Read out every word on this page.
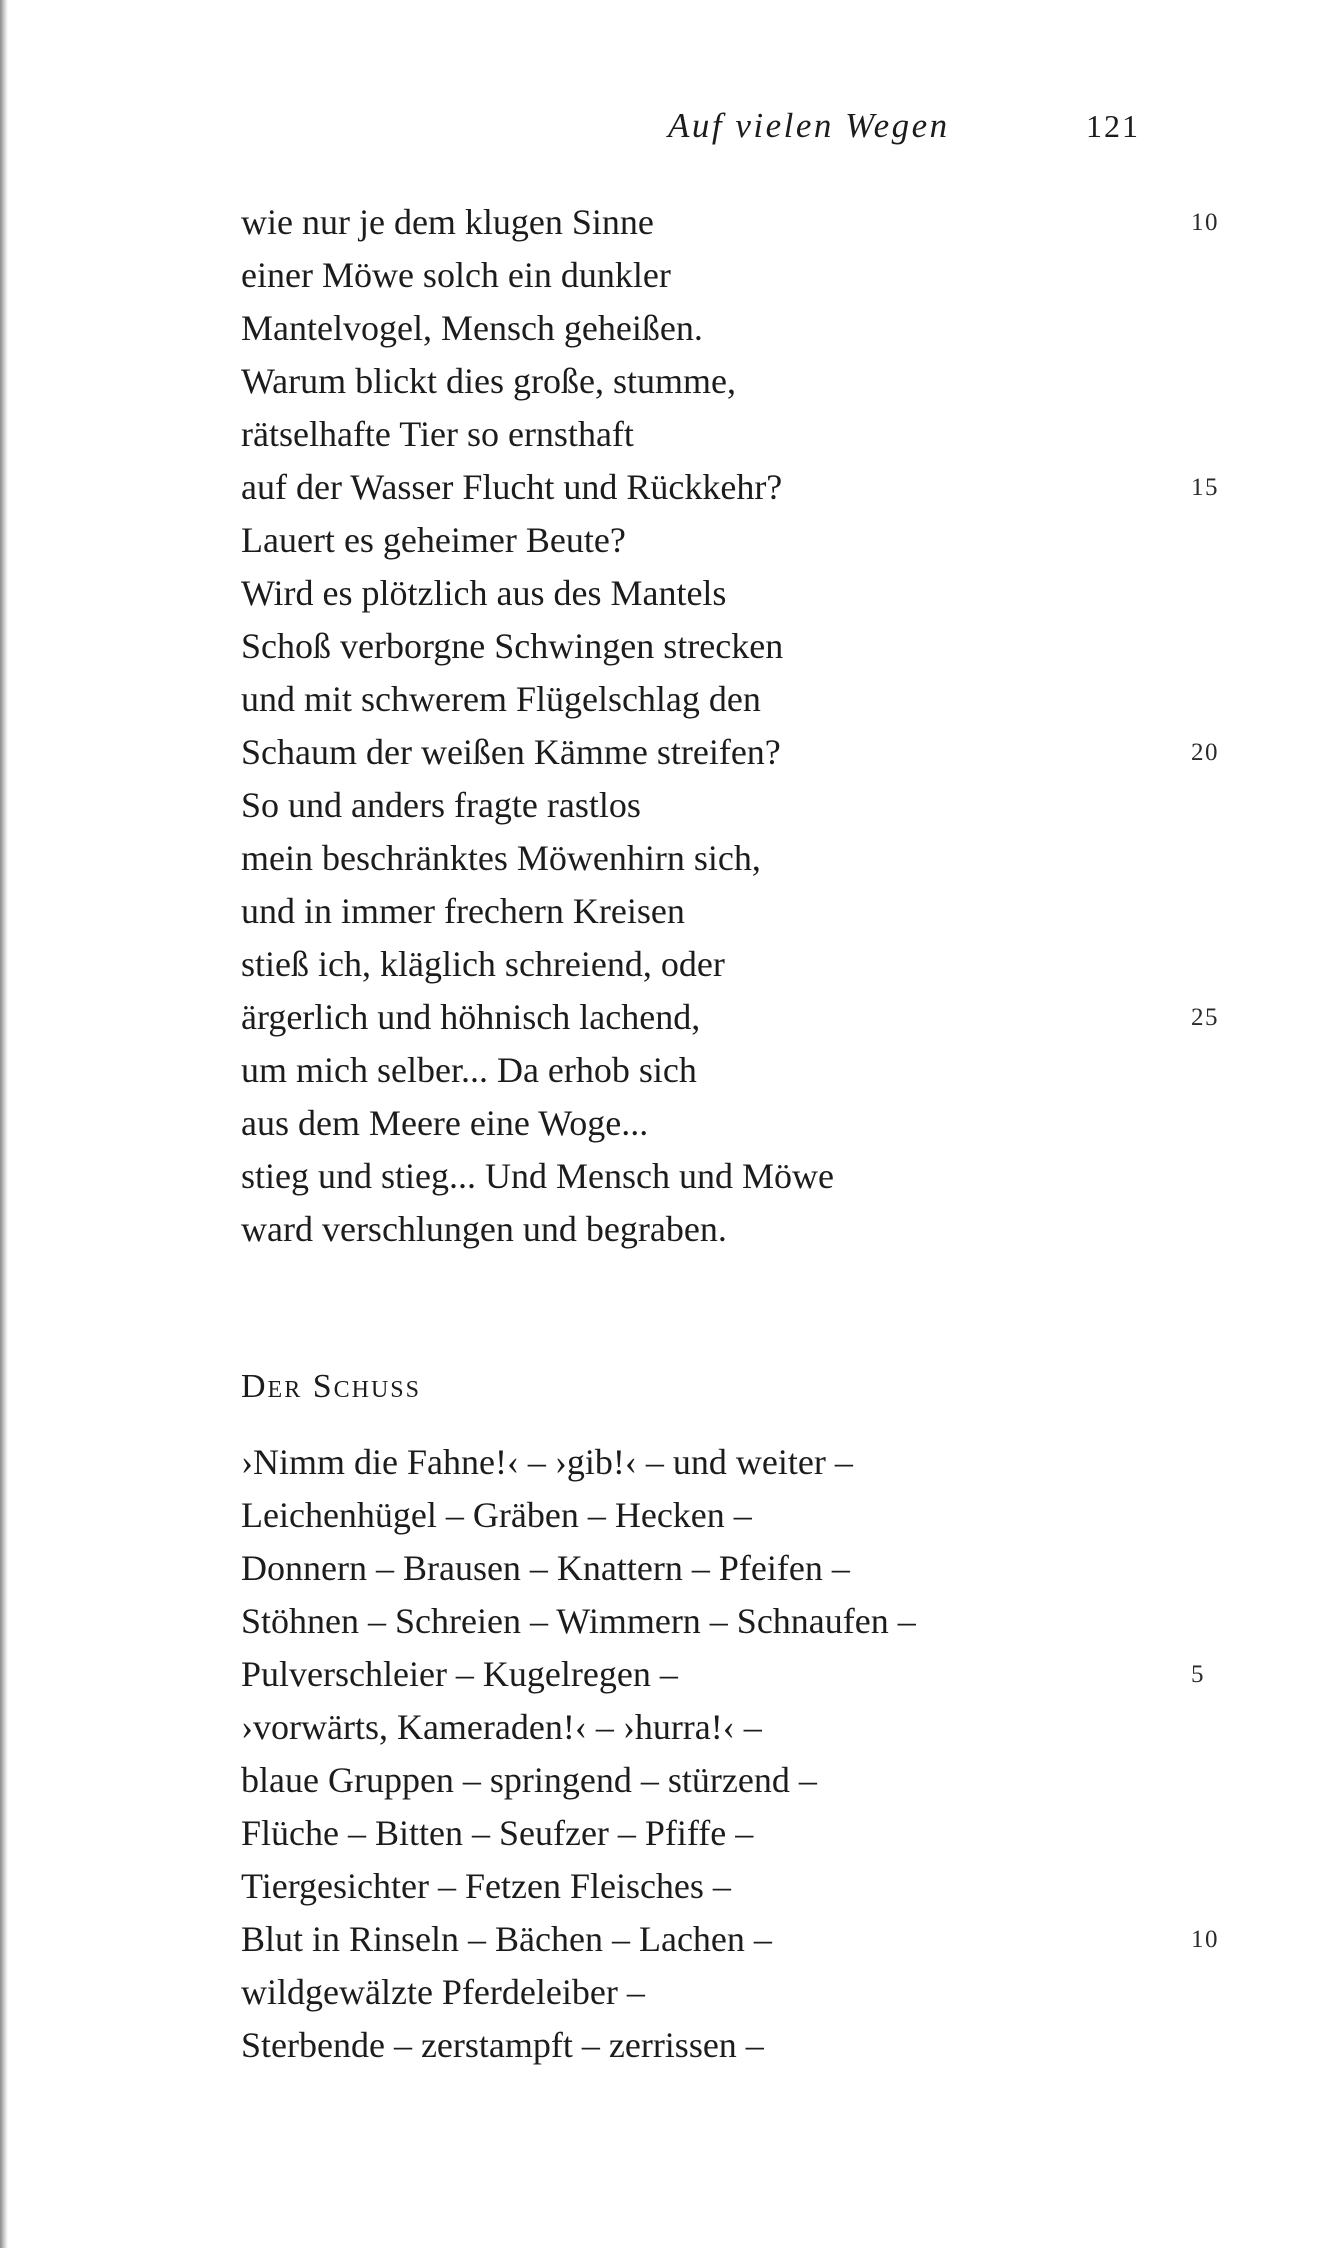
Auf vielen Wegen	121
wie nur je dem klugen Sinne	10
einer Möwe solch ein dunkler
Mantelvogel, Mensch geheißen.
Warum blickt dies große, stumme,
rätselhafte Tier so ernsthaft
auf der Wasser Flucht und Rückkehr?	15
Lauert es geheimer Beute?
Wird es plötzlich aus des Mantels
Schoß verborgne Schwingen strecken
und mit schwerem Flügelschlag den
Schaum der weißen Kämme streifen?	20
So und anders fragte rastlos
mein beschränktes Möwenhirn sich,
und in immer frechern Kreisen
stieß ich, kläglich schreiend, oder
ärgerlich und höhnisch lachend,	25
um mich selber... Da erhob sich
aus dem Meere eine Woge...
stieg und stieg... Und Mensch und Möwe
ward verschlungen und begraben.
Der Schuss
›Nimm die Fahne!‹ – ›gib!‹ – und weiter –
Leichenhügel – Gräben – Hecken –
Donnern – Brausen – Knattern – Pfeifen –
Stöhnen – Schreien – Wimmern – Schnaufen –
Pulverschleier – Kugelregen –	5
›vorwärts, Kameraden!‹ – ›hurra!‹ –
blaue Gruppen – springend – stürzend –
Flüche – Bitten – Seufzer – Pfiffe –
Tiergesichter – Fetzen Fleisches –
Blut in Rinseln – Bächen – Lachen –	10
wildgewälzte Pferdeleiber –
Sterbende – zerstampft – zerrissen –
